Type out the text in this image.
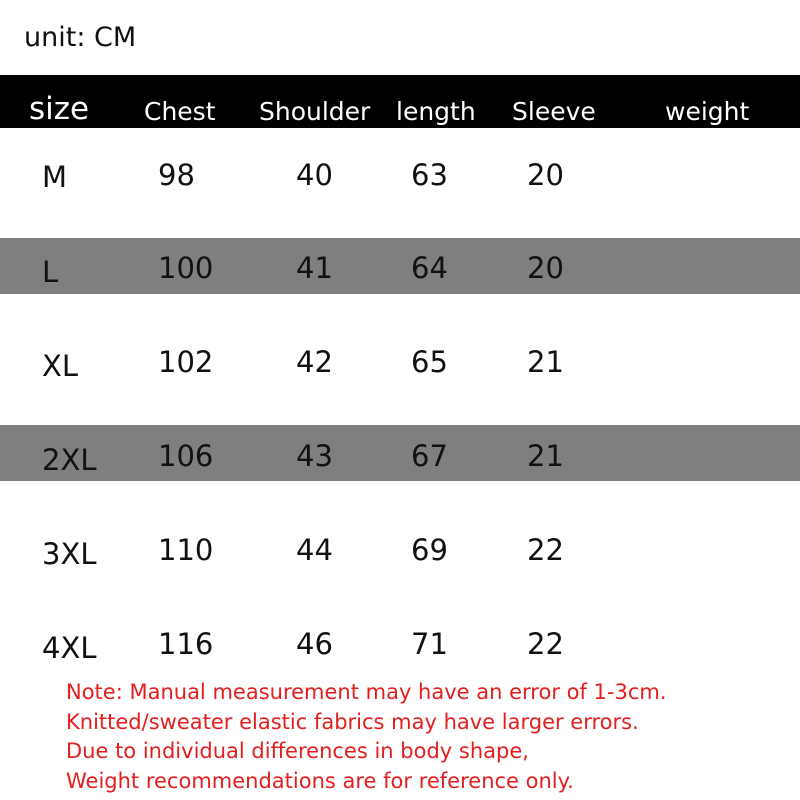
unit: CM
size Chest Shoulder length Sleeve	weight
M	98	40	63	20
L	100	41	64	20
XL	102	42	65	21
2XL 106	43	67	21
3XL 110	44	69	22
4XL 116	46	71	22
Note: Manual measurement may have an error of 1-3cm.
Knitted/sweater elastic fabrics may have larger errors.
Due to individual differences in body shape,
Weight recommendations are for reference only.
